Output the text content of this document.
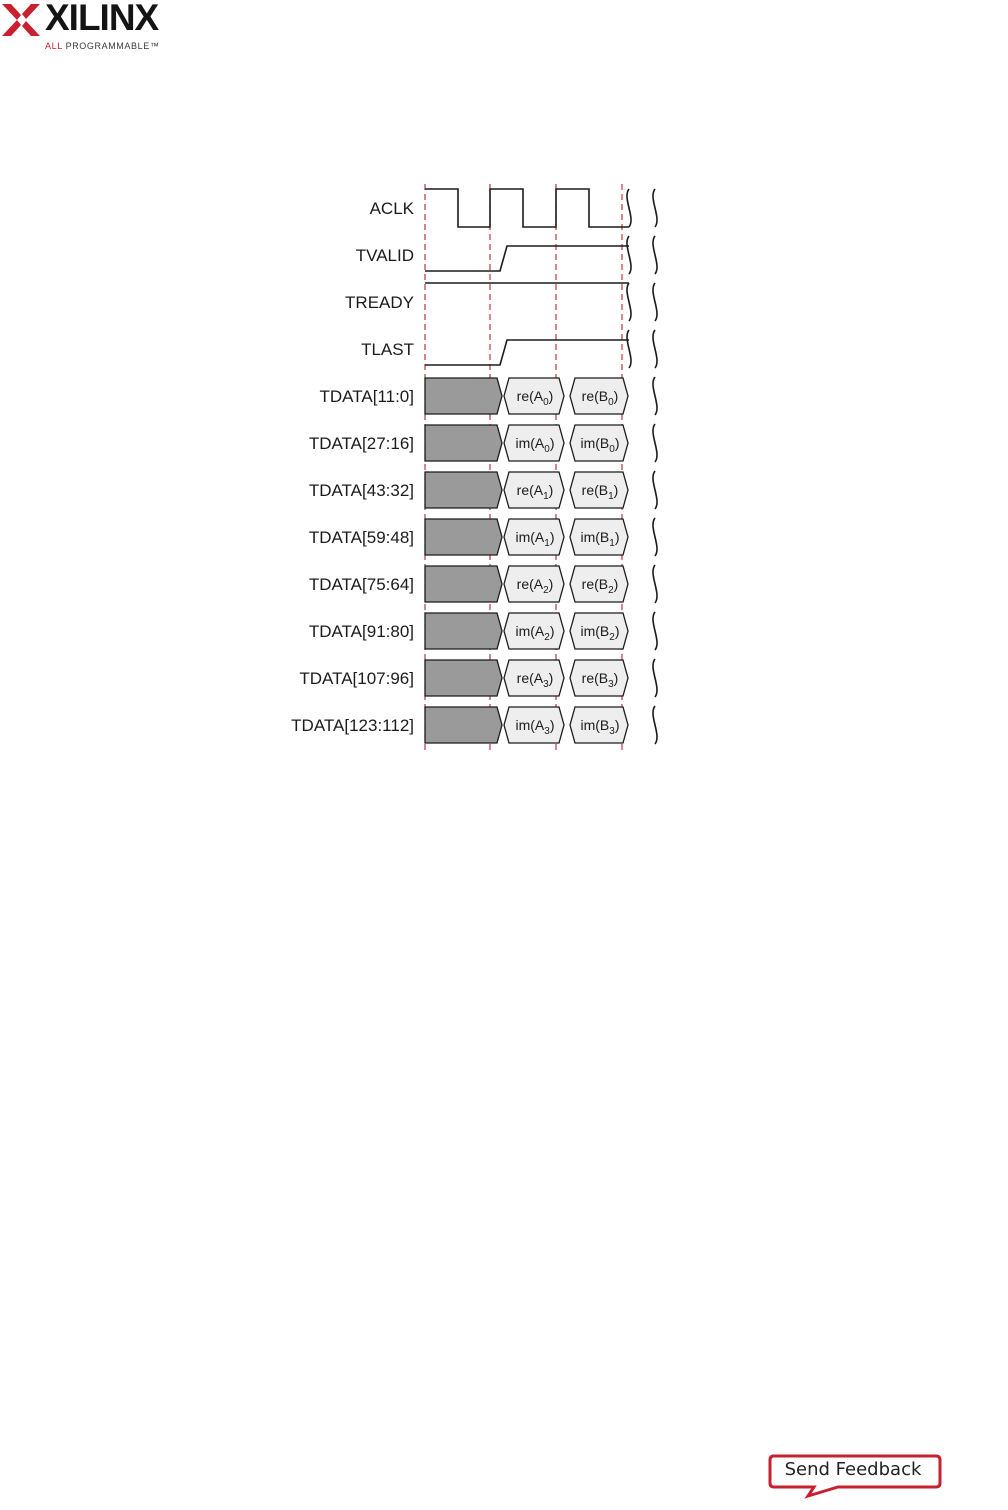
XILINX
ALL PROGRAMMABLE™
ACLK
TVALID
TREADY
TLAST
TDATA[11:0]	$re(A_0)$ $re(B_0)$
TDATA[27:16]	$im(A_0)$ $im(B_0)$
TDATA[43:32]	$re(A_1)$ $re(B_1)$
TDATA[59:48]	$im(A_1)$ $im(B_1)$
TDATA[75:64]	$re(A_2)$ $re(B_2)$
TDATA[91:80]	$im(A_2)$ $im(B_2)$
TDATA[107:96]	$re(A_3)$ $re(B_3)$
TDATA[123:112]	$im(A_3)$ $im(B_3)$
Send Feedback
